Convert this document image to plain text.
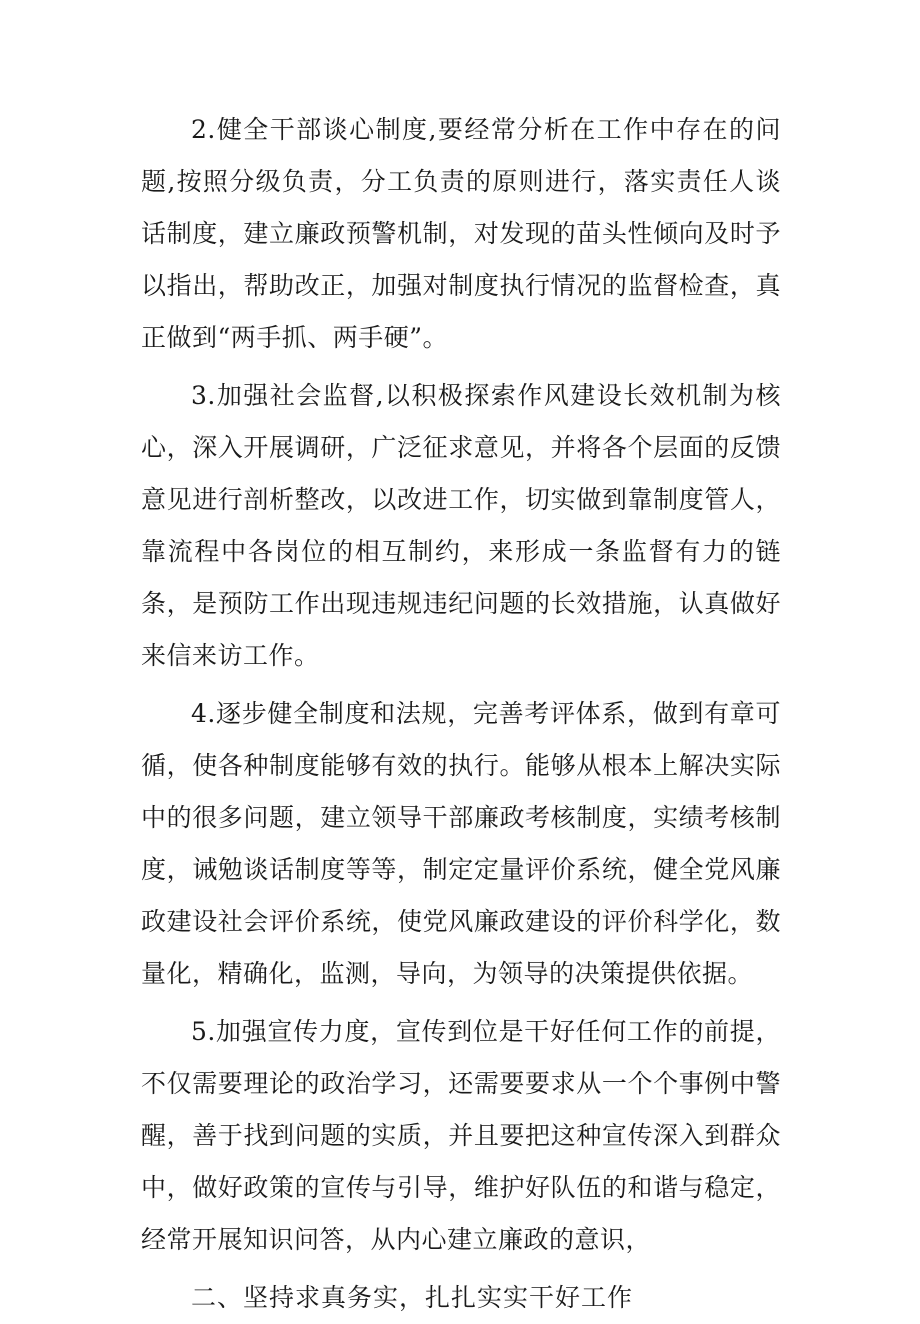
2.健全干部谈心制度,要经常分析在工作中存在的问题,按照分级负责，分工负责的原则进行，落实责任人谈话制度，建立廉政预警机制，对发现的苗头性倾向及时予以指出，帮助改正，加强对制度执行情况的监督检查，真正做到“两手抓、两手硬”。

3.加强社会监督,以积极探索作风建设长效机制为核心，深入开展调研，广泛征求意见，并将各个层面的反馈意见进行剖析整改，以改进工作，切实做到靠制度管人，靠流程中各岗位的相互制约，来形成一条监督有力的链条，是预防工作出现违规违纪问题的长效措施，认真做好来信来访工作。

4.逐步健全制度和法规，完善考评体系，做到有章可循，使各种制度能够有效的执行。能够从根本上解决实际中的很多问题，建立领导干部廉政考核制度，实绩考核制度，诫勉谈话制度等等，制定定量评价系统，健全党风廉政建设社会评价系统，使党风廉政建设的评价科学化，数量化，精确化，监测，导向，为领导的决策提供依据。

5.加强宣传力度，宣传到位是干好任何工作的前提，不仅需要理论的政治学习，还需要要求从一个个事例中警醒，善于找到问题的实质，并且要把这种宣传深入到群众中，做好政策的宣传与引导，维护好队伍的和谐与稳定，经常开展知识问答，从内心建立廉政的意识，

二、坚持求真务实，扎扎实实干好工作
